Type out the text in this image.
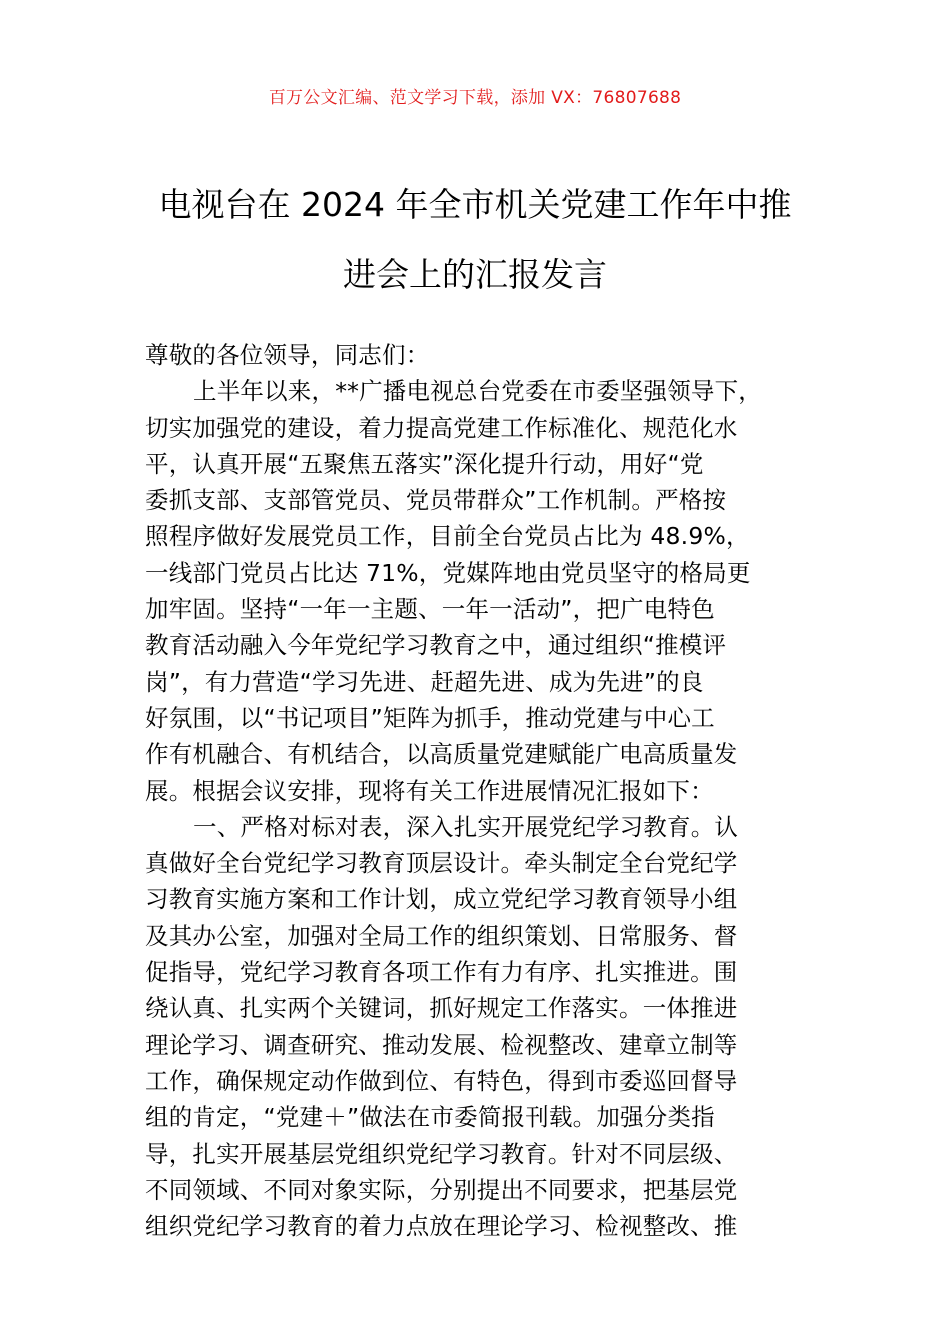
百万公文汇编、范文学习下载，添加 VX：76807688
电视台在 2024 年全市机关党建工作年中推
进会上的汇报发言
尊敬的各位领导，同志们：
上半年以来，**广播电视总台党委在市委坚强领导下，
切实加强党的建设，着力提高党建工作标准化、规范化水
平，认真开展“五聚焦五落实”深化提升行动，用好“党
委抓支部、支部管党员、党员带群众”工作机制。严格按
照程序做好发展党员工作，目前全台党员占比为 48.9%，
一线部门党员占比达 71%，党媒阵地由党员坚守的格局更
加牢固。坚持“一年一主题、一年一活动”，把广电特色
教育活动融入今年党纪学习教育之中，通过组织“推模评
岗”，有力营造“学习先进、赶超先进、成为先进”的良
好氛围，以“书记项目”矩阵为抓手，推动党建与中心工
作有机融合、有机结合，以高质量党建赋能广电高质量发
展。根据会议安排，现将有关工作进展情况汇报如下：
一、严格对标对表，深入扎实开展党纪学习教育。认
真做好全台党纪学习教育顶层设计。牵头制定全台党纪学
习教育实施方案和工作计划，成立党纪学习教育领导小组
及其办公室，加强对全局工作的组织策划、日常服务、督
促指导，党纪学习教育各项工作有力有序、扎实推进。围
绕认真、扎实两个关键词，抓好规定工作落实。一体推进
理论学习、调查研究、推动发展、检视整改、建章立制等
工作，确保规定动作做到位、有特色，得到市委巡回督导
组的肯定，“党建＋”做法在市委简报刊载。加强分类指
导，扎实开展基层党组织党纪学习教育。针对不同层级、
不同领域、不同对象实际，分别提出不同要求，把基层党
组织党纪学习教育的着力点放在理论学习、检视整改、推
